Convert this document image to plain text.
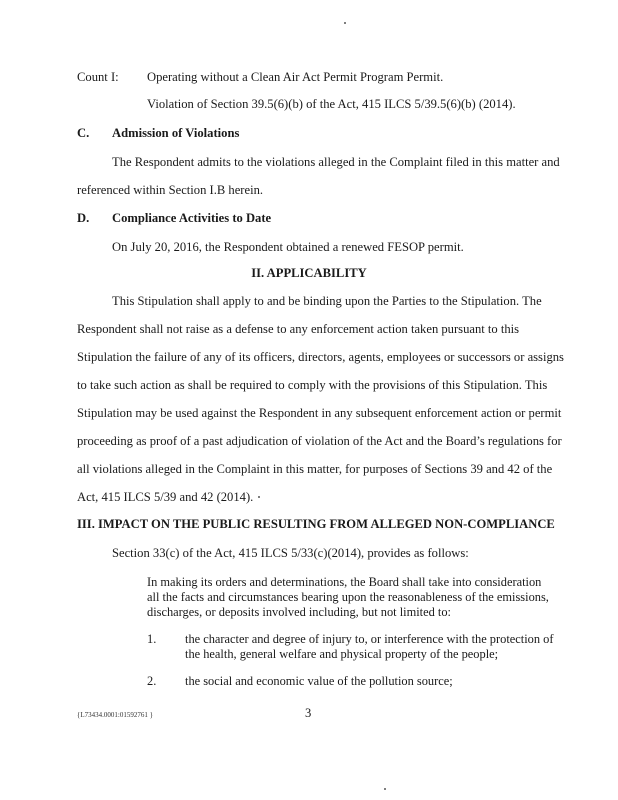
Count I: Operating without a Clean Air Act Permit Program Permit.
Violation of Section 39.5(6)(b) of the Act, 415 ILCS 5/39.5(6)(b) (2014).
C. Admission of Violations
The Respondent admits to the violations alleged in the Complaint filed in this matter and
referenced within Section I.B herein.
D. Compliance Activities to Date
On July 20, 2016, the Respondent obtained a renewed FESOP permit.
II. APPLICABILITY
This Stipulation shall apply to and be binding upon the Parties to the Stipulation. The
Respondent shall not raise as a defense to any enforcement action taken pursuant to this
Stipulation the failure of any of its officers, directors, agents, employees or successors or assigns
to take such action as shall be required to comply with the provisions of this Stipulation. This
Stipulation may be used against the Respondent in any subsequent enforcement action or permit
proceeding as proof of a past adjudication of violation of the Act and the Board’s regulations for
all violations alleged in the Complaint in this matter, for purposes of Sections 39 and 42 of the
Act, 415 ILCS 5/39 and 42 (2014).
III. IMPACT ON THE PUBLIC RESULTING FROM ALLEGED NON-COMPLIANCE
Section 33(c) of the Act, 415 ILCS 5/33(c)(2014), provides as follows:
In making its orders and determinations, the Board shall take into consideration
all the facts and circumstances bearing upon the reasonableness of the emissions,
discharges, or deposits involved including, but not limited to:
1. the character and degree of injury to, or interference with the protection of
the health, general welfare and physical property of the people;
2. the social and economic value of the pollution source;
{L73434.0001:01592761 }	3
